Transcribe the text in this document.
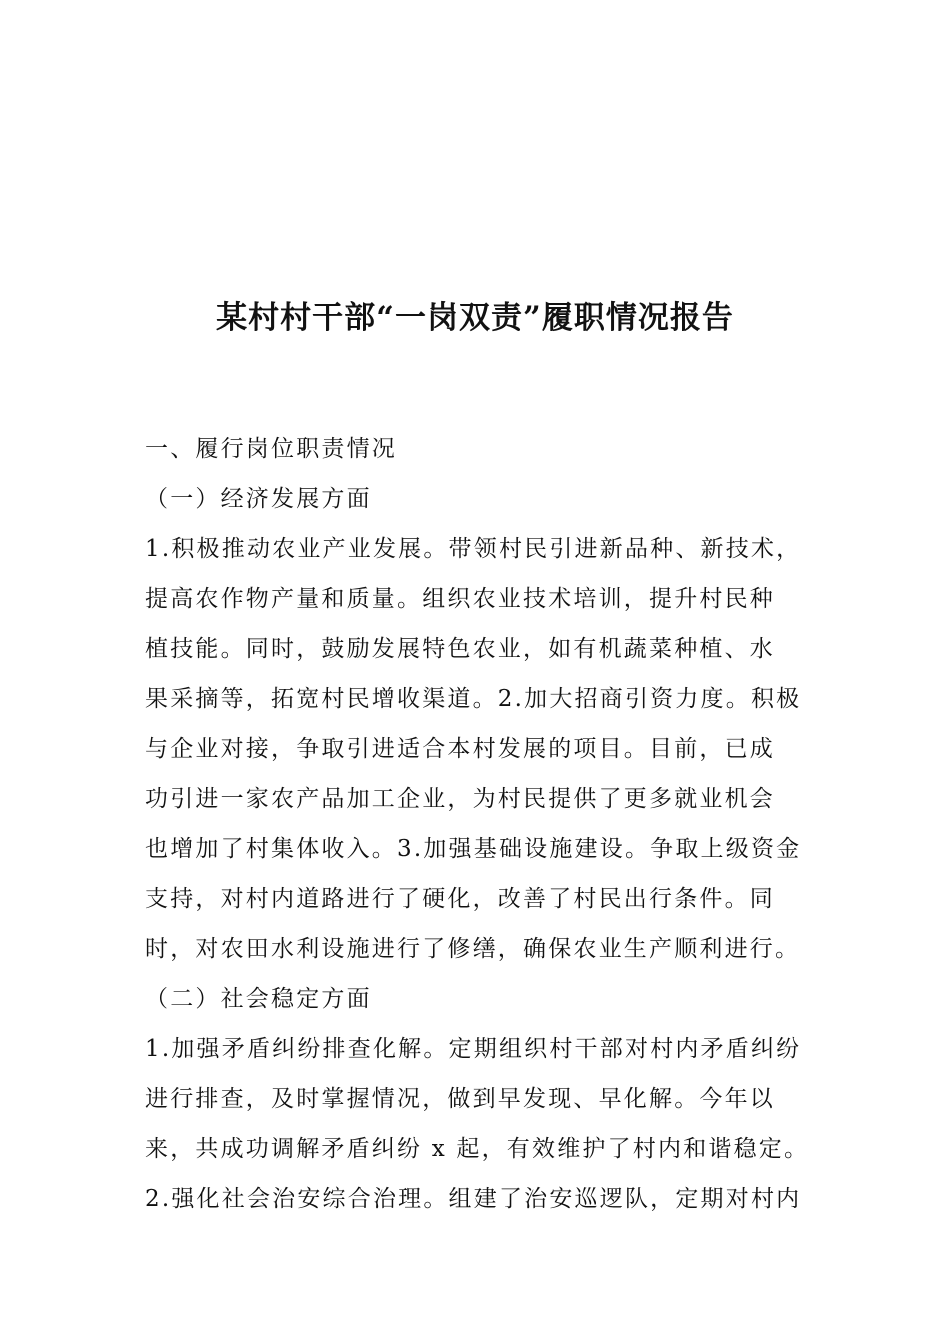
某村村干部“一岗双责”履职情况报告
一、履行岗位职责情况
（一）经济发展方面
1.积极推动农业产业发展。带领村民引进新品种、新技术，
提高农作物产量和质量。组织农业技术培训，提升村民种
植技能。同时，鼓励发展特色农业，如有机蔬菜种植、水
果采摘等，拓宽村民增收渠道。2.加大招商引资力度。积极
与企业对接，争取引进适合本村发展的项目。目前，已成
功引进一家农产品加工企业，为村民提供了更多就业机会
也增加了村集体收入。3.加强基础设施建设。争取上级资金
支持，对村内道路进行了硬化，改善了村民出行条件。同
时，对农田水利设施进行了修缮，确保农业生产顺利进行。
（二）社会稳定方面
1.加强矛盾纠纷排查化解。定期组织村干部对村内矛盾纠纷
进行排查，及时掌握情况，做到早发现、早化解。今年以
来，共成功调解矛盾纠纷 x 起，有效维护了村内和谐稳定。
2.强化社会治安综合治理。组建了治安巡逻队，定期对村内
